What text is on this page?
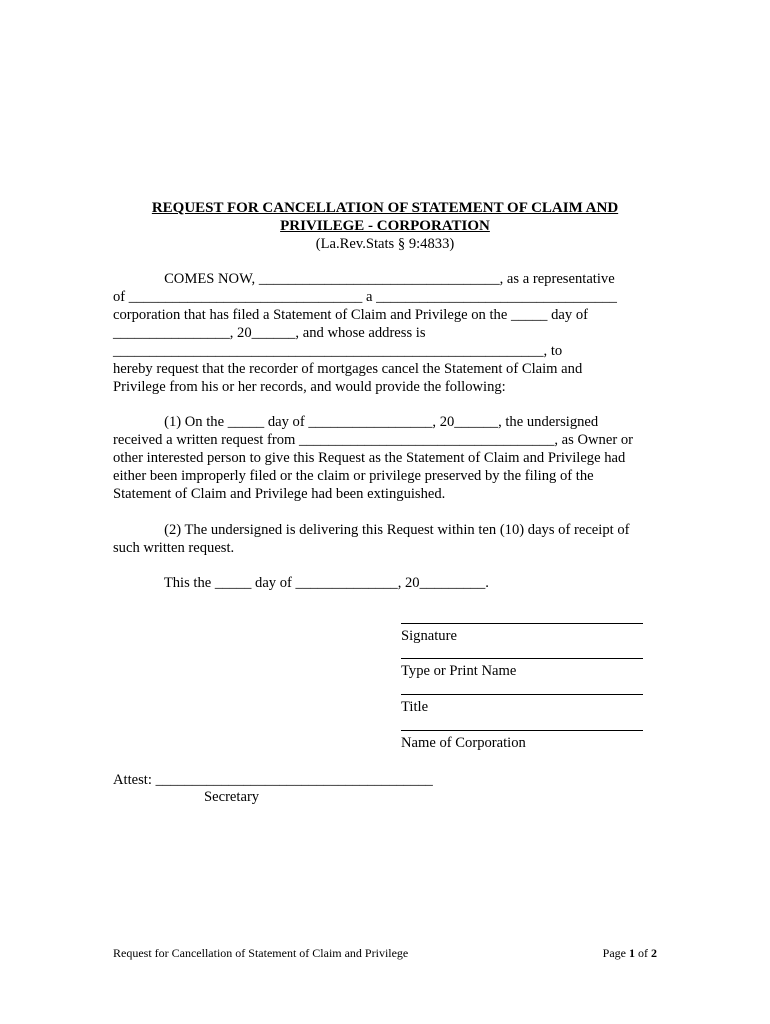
REQUEST FOR CANCELLATION OF STATEMENT OF CLAIM AND
PRIVILEGE - CORPORATION
(La.Rev.Stats § 9:4833)
COMES NOW, _________________________________, as a representative
of ________________________________ a _________________________________
corporation that has filed a Statement of Claim and Privilege on the _____ day of
________________, 20______, and whose address is
___________________________________________________________, to
hereby request that the recorder of mortgages cancel the Statement of Claim and
Privilege from his or her records, and would provide the following:
(1) On the _____ day of _________________, 20______, the undersigned
received a written request from ___________________________________, as Owner or
other interested person to give this Request as the Statement of Claim and Privilege had
either been improperly filed or the claim or privilege preserved by the filing of the
Statement of Claim and Privilege had been extinguished.
(2) The undersigned is delivering this Request within ten (10) days of receipt of
such written request.
This the _____ day of ______________, 20_________.
Signature
Type or Print Name
Title
Name of Corporation
Attest: ______________________________________
Secretary
Request for Cancellation of Statement of Claim and Privilege	Page 1 of 2
